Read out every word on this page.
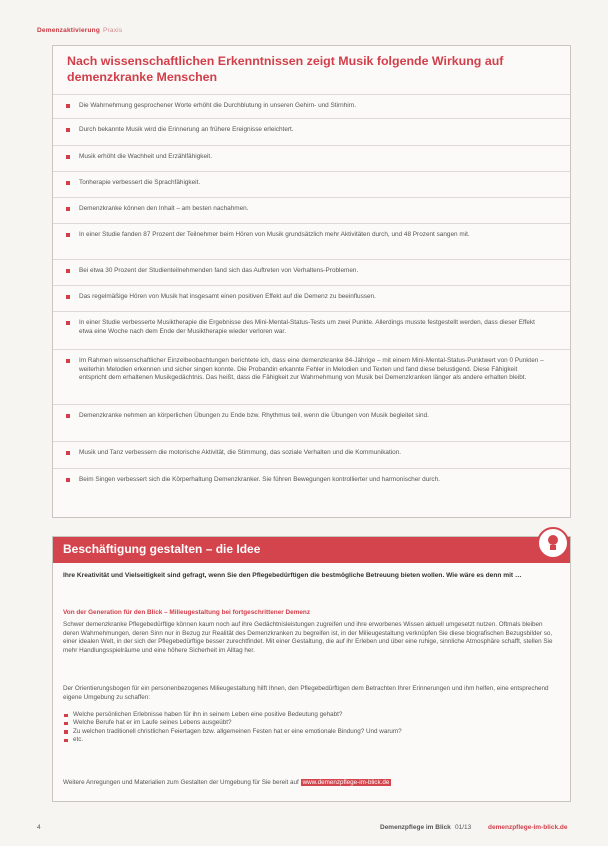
Demenzaktivierung Praxis
Nach wissenschaftlichen Erkenntnissen zeigt Musik folgende Wirkung auf demenzkranke Menschen
Die Wahrnehmung gesprochener Worte erhöht die Durchblutung in unseren Gehirn- und Stirnhirn.
Durch bekannte Musik wird die Erinnerung an frühere Ereignisse erleichtert.
Musik erhöht die Wachheit und Erzählfähigkeit.
Tonherapie verbessert die Sprachfähigkeit.
Demenzkranke können den Inhalt – am besten nachahmen.
In einer Studie fanden 87 Prozent der Teilnehmer beim Hören von Musik grundsätzlich mehr Aktivitäten durch, und 48 Prozent sangen mit.
Bei etwa 30 Prozent der Studienteilnehmenden fand sich das Auftreten von Verhaltens-Problemen.
Das regelmäßige Hören von Musik hat insgesamt einen positiven Effekt auf die Demenz zu beeinflussen.
In einer Studie verbesserte Musiktherapie die Ergebnisse des Mini-Mental-Status-Tests um zwei Punkte. Allerdings musste festgestellt werden, dass dieser Effekt etwa eine Woche nach dem Ende der Musiktherapie wieder verloren war.
Im Rahmen wissenschaftlicher Einzelbeobachtungen berichtete ich, dass eine demenzkranke 84-Jährige – mit einem Mini-Mental-Status-Punktwert von 0 Punkten – weiterhin Melodien erkennen und sicher singen konnte. Die Probandin erkannte Fehler in Melodien und Texten und fand diese belustigend. Diese Fähigkeit entspricht dem erhaltenen Musikgedächtnis. Das heißt, dass die Fähigkeit zur Wahrnehmung von Musik bei Demenzkranken länger als andere erhalten bleibt.
Demenzkranke nehmen an körperlichen Übungen zu Ende bzw. Rhythmus teil, wenn die Übungen von Musik begleitet sind.
Musik und Tanz verbessern die motorische Aktivität, die Stimmung, das soziale Verhalten und die Kommunikation.
Beim Singen verbessert sich die Körperhaltung Demenzkranker. Sie führen Bewegungen kontrollierter und harmonischer durch.
Beschäftigung gestalten – die Idee
Ihre Kreativität und Vielseitigkeit sind gefragt, wenn Sie den Pflegebedürftigen die bestmögliche Betreuung bieten wollen. Wie wäre es denn mit …
Von der Generation für den Blick – Milieugestaltung bei fortgeschrittener Demenz
Schwer demenzkranke Pflegebedürftige können kaum noch auf ihre Gedächtnisleistungen zugreifen und ihre erworbenes Wissen aktuell umgesetzt nutzen. Oftmals bleiben deren Wahrnehmungen, deren Sinn nur in Bezug zur Realität des Demenzkranken zu begreifen ist, in der Milieugestaltung verknüpfen Sie diese biografischen Bezugsbilder so, einer idealen Welt, in der sich der Pflegebedürftige besser zurechtfindet. Mit einer Gestaltung, die auf ihr Erleben und über eine ruhige, sinnliche Atmosphäre schafft, stellen Sie mehr Handlungsspielräume und eine höhere Sicherheit im Alltag her.
Der Orientierungsbogen für ein personenbezogenes Milieugestaltung hilft Ihnen, den Pflegebedürftigen dem Betrachten Ihrer Erinnerungen und ihm helfen, eine entsprechend eigene Umgebung zu schaffen:
Welche persönlichen Erlebnisse haben für ihn in seinem Leben eine positive Bedeutung gehabt?
Welche Berufe hat er im Laufe seines Lebens ausgeübt?
Zu welchen traditionell christlichen Feiertagen bzw. allgemeinen Festen hat er eine emotionale Bindung? Und warum?
etc.
Weitere Anregungen und Materialien zum Gestalten der Umgebung für Sie bereit auf www.demenzpflege-im-blick.de
4	Demenzpflege im Blick 01/13	demenzpflege-im-blick.de
